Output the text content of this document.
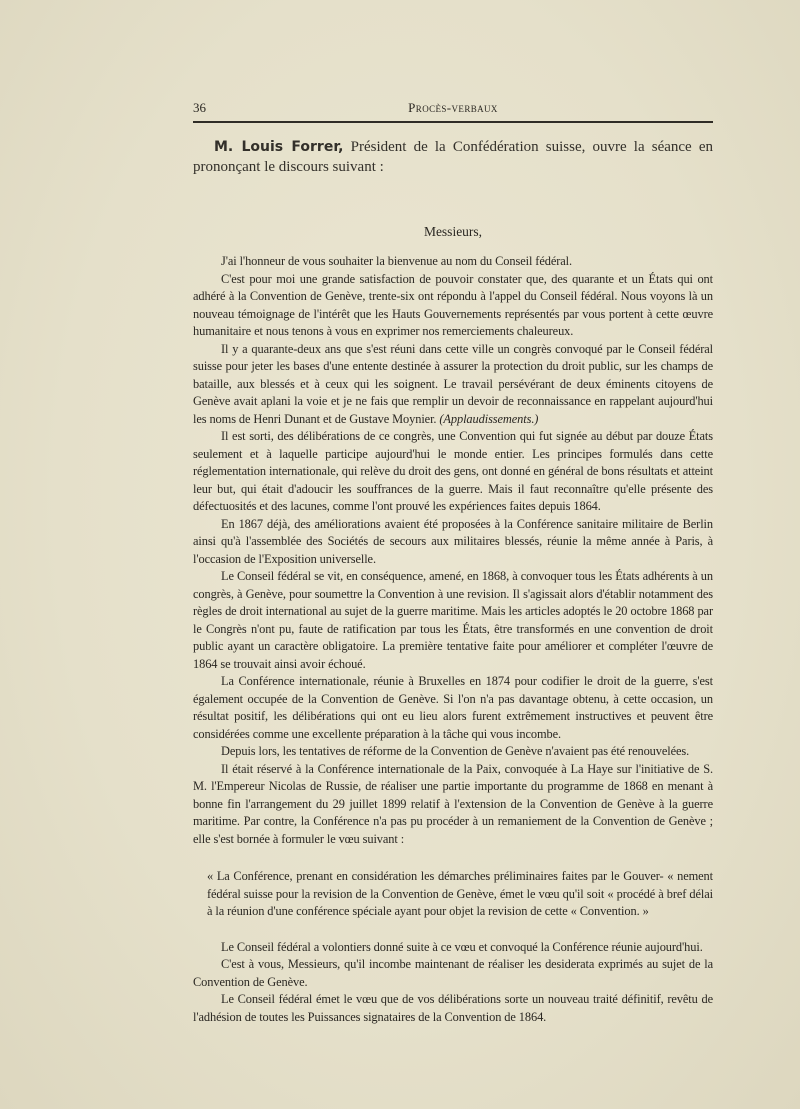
36	Procès-verbaux

M. Louis Forrer, Président de la Confédération suisse, ouvre la séance en prononçant le discours suivant :

Messieurs,

J'ai l'honneur de vous souhaiter la bienvenue au nom du Conseil fédéral.

C'est pour moi une grande satisfaction de pouvoir constater que, des quarante et un États qui ont adhéré à la Convention de Genève, trente-six ont répondu à l'appel du Conseil fédéral. Nous voyons là un nouveau témoignage de l'intérêt que les Hauts Gouvernements représentés par vous portent à cette œuvre humanitaire et nous tenons à vous en exprimer nos remerciements chaleureux.

Il y a quarante-deux ans que s'est réuni dans cette ville un congrès convoqué par le Conseil fédéral suisse pour jeter les bases d'une entente destinée à assurer la protection du droit public, sur les champs de bataille, aux blessés et à ceux qui les soignent. Le travail persévérant de deux éminents citoyens de Genève avait aplani la voie et je ne fais que remplir un devoir de reconnaissance en rappelant aujourd'hui les noms de Henri Dunant et de Gustave Moynier. (Applaudissements.)

Il est sorti, des délibérations de ce congrès, une Convention qui fut signée au début par douze États seulement et à laquelle participe aujourd'hui le monde entier. Les principes formulés dans cette réglementation internationale, qui relève du droit des gens, ont donné en général de bons résultats et atteint leur but, qui était d'adoucir les souffrances de la guerre. Mais il faut reconnaître qu'elle présente des défectuosités et des lacunes, comme l'ont prouvé les expériences faites depuis 1864.

En 1867 déjà, des améliorations avaient été proposées à la Conférence sanitaire militaire de Berlin ainsi qu'à l'assemblée des Sociétés de secours aux militaires blessés, réunie la même année à Paris, à l'occasion de l'Exposition universelle.

Le Conseil fédéral se vit, en conséquence, amené, en 1868, à convoquer tous les États adhérents à un congrès, à Genève, pour soumettre la Convention à une revision. Il s'agissait alors d'établir notamment des règles de droit international au sujet de la guerre maritime. Mais les articles adoptés le 20 octobre 1868 par le Congrès n'ont pu, faute de ratification par tous les États, être transformés en une convention de droit public ayant un caractère obligatoire. La première tentative faite pour améliorer et compléter l'œuvre de 1864 se trouvait ainsi avoir échoué.

La Conférence internationale, réunie à Bruxelles en 1874 pour codifier le droit de la guerre, s'est également occupée de la Convention de Genève. Si l'on n'a pas davantage obtenu, à cette occasion, un résultat positif, les délibérations qui ont eu lieu alors furent extrêmement instructives et peuvent être considérées comme une excellente préparation à la tâche qui vous incombe.

Depuis lors, les tentatives de réforme de la Convention de Genève n'avaient pas été renouvelées.

Il était réservé à la Conférence internationale de la Paix, convoquée à La Haye sur l'initiative de S. M. l'Empereur Nicolas de Russie, de réaliser une partie importante du programme de 1868 en menant à bonne fin l'arrangement du 29 juillet 1899 relatif à l'extension de la Convention de Genève à la guerre maritime. Par contre, la Conférence n'a pas pu procéder à un remaniement de la Convention de Genève ; elle s'est bornée à formuler le vœu suivant :

« La Conférence, prenant en considération les démarches préliminaires faites par le Gouver- « nement fédéral suisse pour la revision de la Convention de Genève, émet le vœu qu'il soit « procédé à bref délai à la réunion d'une conférence spéciale ayant pour objet la revision de cette « Convention. »

Le Conseil fédéral a volontiers donné suite à ce vœu et convoqué la Conférence réunie aujourd'hui.

C'est à vous, Messieurs, qu'il incombe maintenant de réaliser les desiderata exprimés au sujet de la Convention de Genève.

Le Conseil fédéral émet le vœu que de vos délibérations sorte un nouveau traité définitif, revêtu de l'adhésion de toutes les Puissances signataires de la Convention de 1864.
